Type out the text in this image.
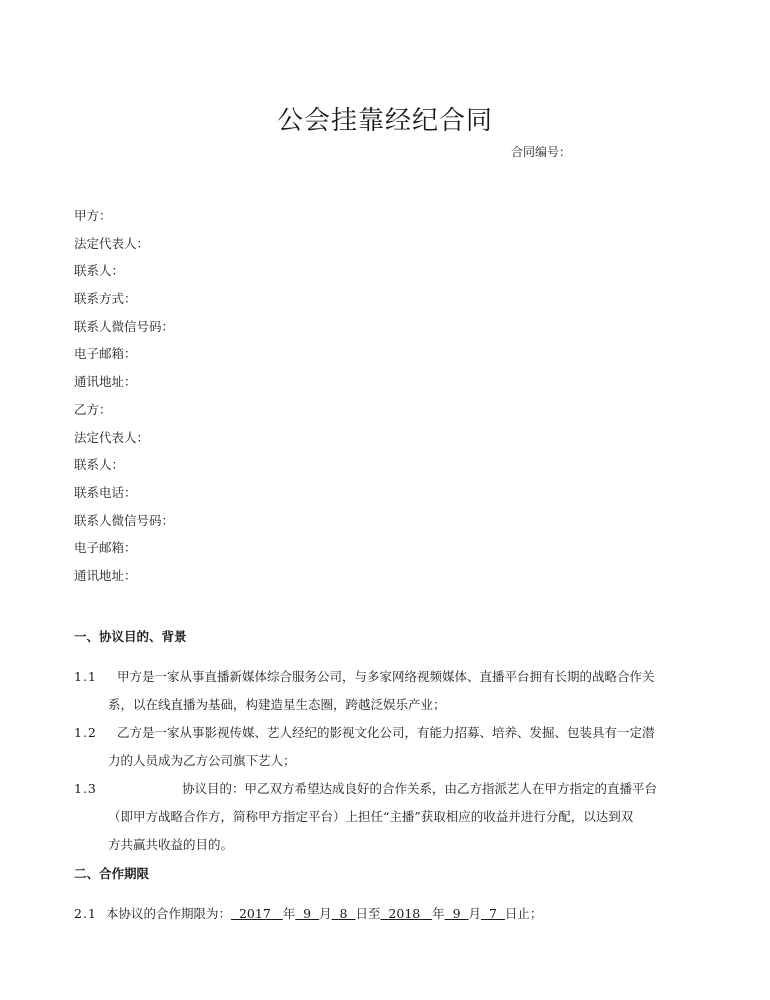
公会挂靠经纪合同
合同编号：
甲方：
法定代表人：
联系人：
联系方式：
联系人微信号码：
电子邮箱：
通讯地址：
乙方：
法定代表人：
联系人：
联系电话：
联系人微信号码：
电子邮箱：
通讯地址：
一、协议目的、背景
1.1	甲方是一家从事直播新媒体综合服务公司，与多家网络视频媒体、直播平台拥有长期的战略合作关
系，以在线直播为基础，构建造星生态圈，跨越泛娱乐产业；
1.2	乙方是一家从事影视传媒、艺人经纪的影视文化公司，有能力招募、培养、发掘、包装具有一定潜
力的人员成为乙方公司旗下艺人；
1.3	协议目的：甲乙双方希望达成良好的合作关系，由乙方指派艺人在甲方指定的直播平台
（即甲方战略合作方，简称甲方指定平台）上担任“主播”获取相应的收益并进行分配，以达到双
方共赢共收益的目的。
二、合作期限
2.1 本协议的合作期限为： 2017 年 9 月 8 日至 2018 年 9 月 7 日止；
